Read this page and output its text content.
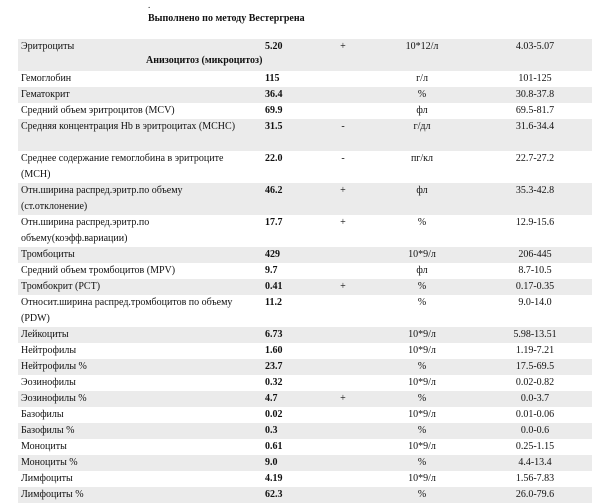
.
Выполнено по методу Вестергрена
Эритроциты	5.20	+	10*12/л	4.03-5.07
Анизоцитоз (микроцитоз)
Гемоглобин	115	г/л	101-125
Гематокрит	36.4	%	30.8-37.8
Средний объем эритроцитов (MCV)	69.9	фл	69.5-81.7
Средняя концентрация Hb в эритроцитах (MCHC)	31.5	-	г/дл	31.6-34.4
Среднее содержание гемоглобина в эритроците (MCH)
22.0	-	пг/кл	22.7-27.2
Отн.ширина распред.эритр.по объему (ст.отклонение)
46.2	+	фл	35.3-42.8
Отн.ширина распред.эритр.по объему(коэфф.вариации)
17.7	+	%	12.9-15.6
Тромбоциты	429	10*9/л	206-445
Средний объем тромбоцитов (MPV)	9.7	фл	8.7-10.5
Тромбокрит (PCT)	0.41	+	%	0.17-0.35
Относит.ширина распред.тромбоцитов по объему (PDW)
11.2	%	9.0-14.0
Лейкоциты	6.73	10*9/л	5.98-13.51
Нейтрофилы	1.60	10*9/л	1.19-7.21
Нейтрофилы %	23.7	%	17.5-69.5
Эозинофилы	0.32	10*9/л	0.02-0.82
Эозинофилы %	4.7	+	%	0.0-3.7
Базофилы	0.02	10*9/л	0.01-0.06
Базофилы %	0.3	%	0.0-0.6
Моноциты	0.61	10*9/л	0.25-1.15
Моноциты %	9.0	%	4.4-13.4
Лимфоциты	4.19	10*9/л	1.56-7.83
Лимфоциты %	62.3	%	26.0-79.6
